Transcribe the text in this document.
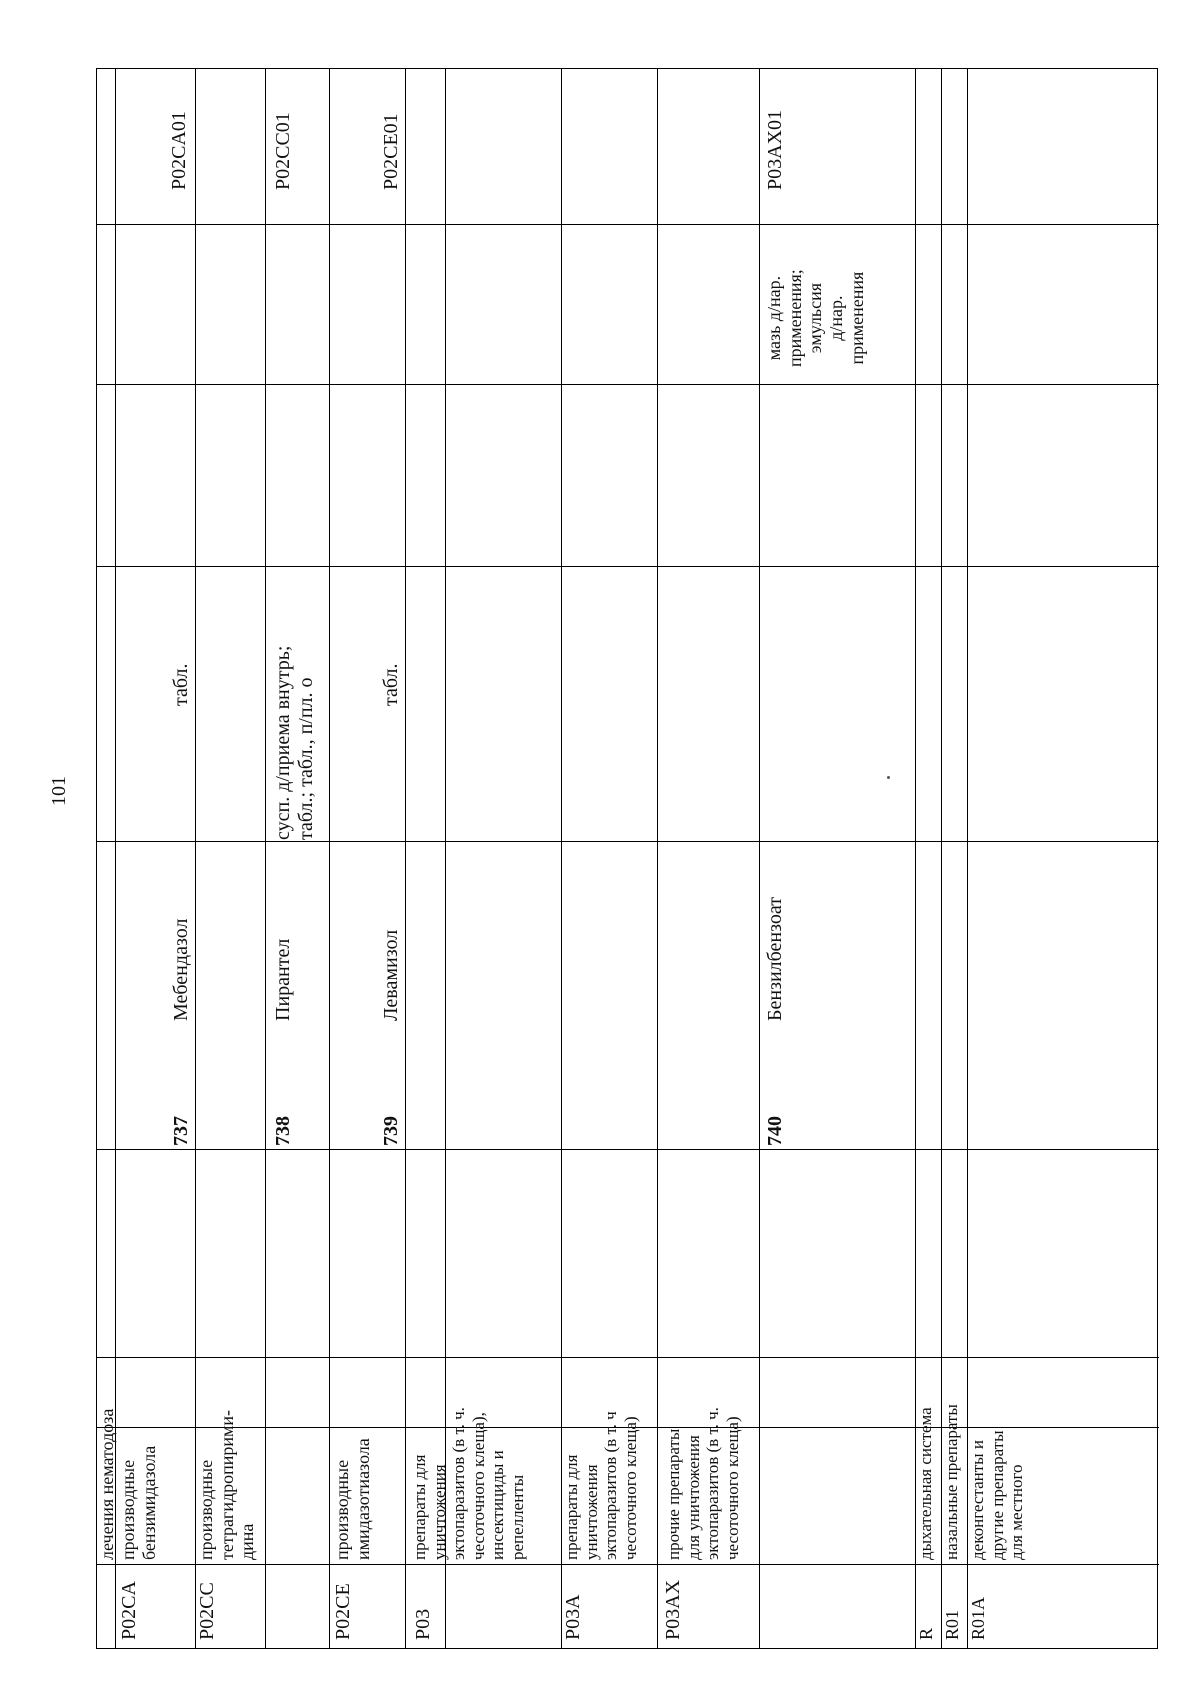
101
лечения нематодоза
P02CA
производные бензимидазола
737
Мебендазол
табл.
P02CA01
P02CC
производные тетрагидропирими- дина
738
Пирантел
сусп. д/приема внутрь; табл.; табл., п/пл. о
P02CC01
P02CE
производные имидазотиазола
739
Левамизол
табл.
P02CE01
P03
препараты для уничтожения эктопаразитов (в т. ч. чесоточного клеща), инсектициды и репелленты
P03A
препараты для уничтожения эктопаразитов (в т. ч чесоточного клеща)
P03AX
прочие препараты для уничтожения эктопаразитов (в т. ч. чесоточного клеща)
740
Бензилбензоат
мазь д/нар. применения; эмульсия д/нар. применения
P03AX01
R
дыхательная система
R01
назальные препараты
R01A
деконгестанты и другие препараты для местного
